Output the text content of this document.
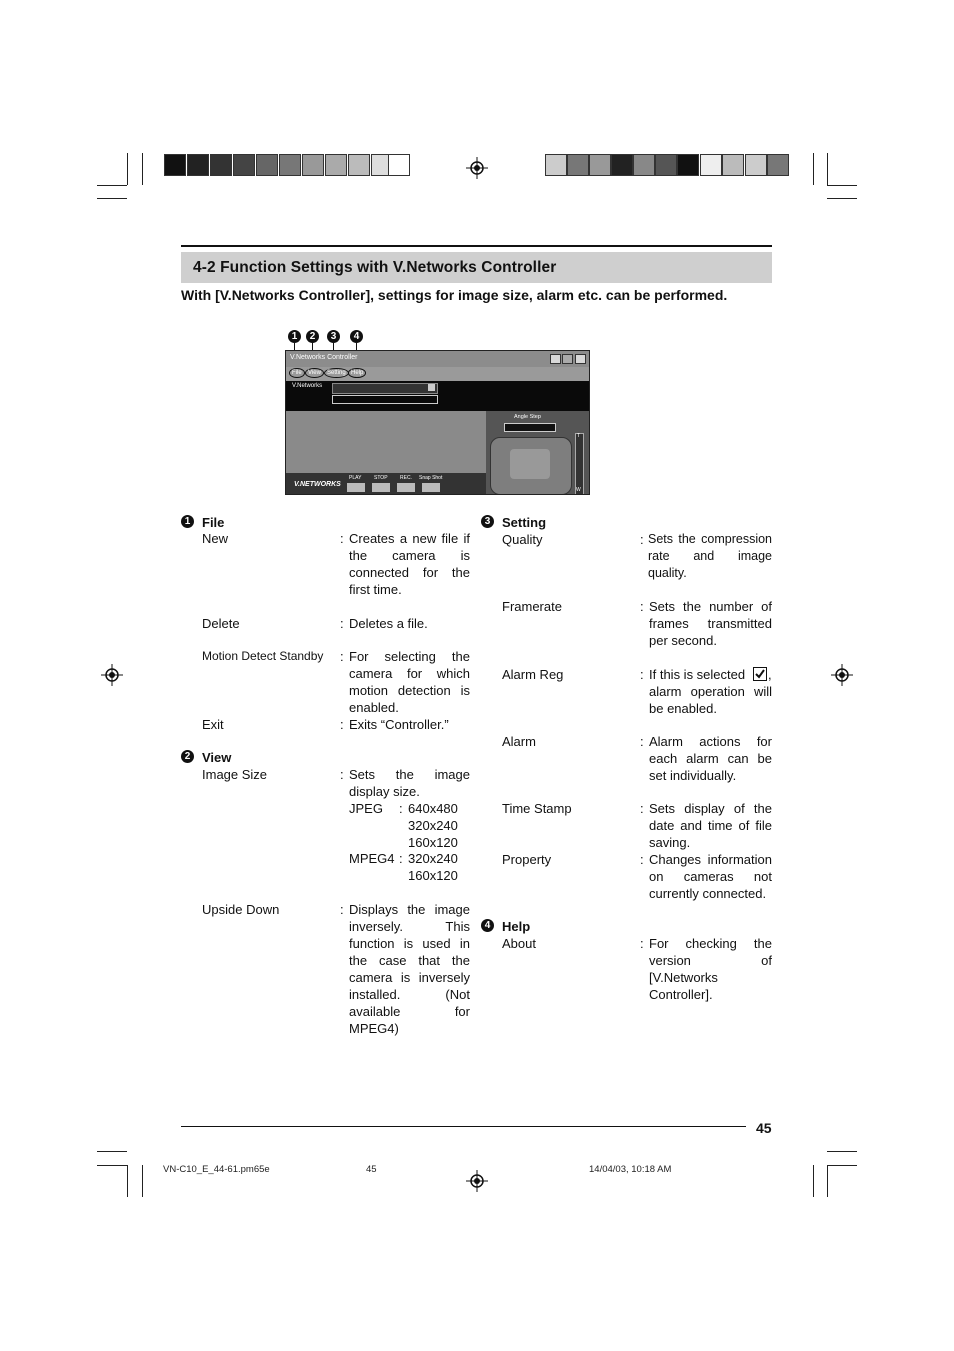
4-2 Function Settings with V.Networks Controller
With [V.Networks Controller], settings for image size, alarm etc. can be performed.
1	2	3	4
V.Networks Controller
File	View	Setting Help
V.Networks
Angle Step
T
W
V.NETWORKS
PLAY	STOP REC. Snap Shot
1 File
New	: Creates a new file if the camera is connected for the first time.
Delete	: Deletes a file.
Motion Detect Standby : For selecting the camera for which motion detection is enabled.
Exit	: Exits “Controller.”
2 View
Image Size	: Sets the image display size.
JPEG : 640x480
320x240
160x120
MPEG4 : 320x240
160x120
Upside Down	: Displays the image inversely. This function is used in the case that the camera is inversely installed. (Not available for MPEG4)
3 Setting
Quality	: Sets the compression rate and image quality.
Framerate	: Sets the number of frames transmitted per second.
Alarm Reg	: If this is selected ,
alarm operation will be enabled.
Alarm	: Alarm actions for each alarm can be set individually.
Time Stamp	: Sets display of the date and time of file saving.
Property	: Changes information on cameras not currently connected.
4 Help
About	: For checking the version of [V.Networks Controller].
45
VN-C10_E_44-61.pm65e	45	14/04/03, 10:18 AM
